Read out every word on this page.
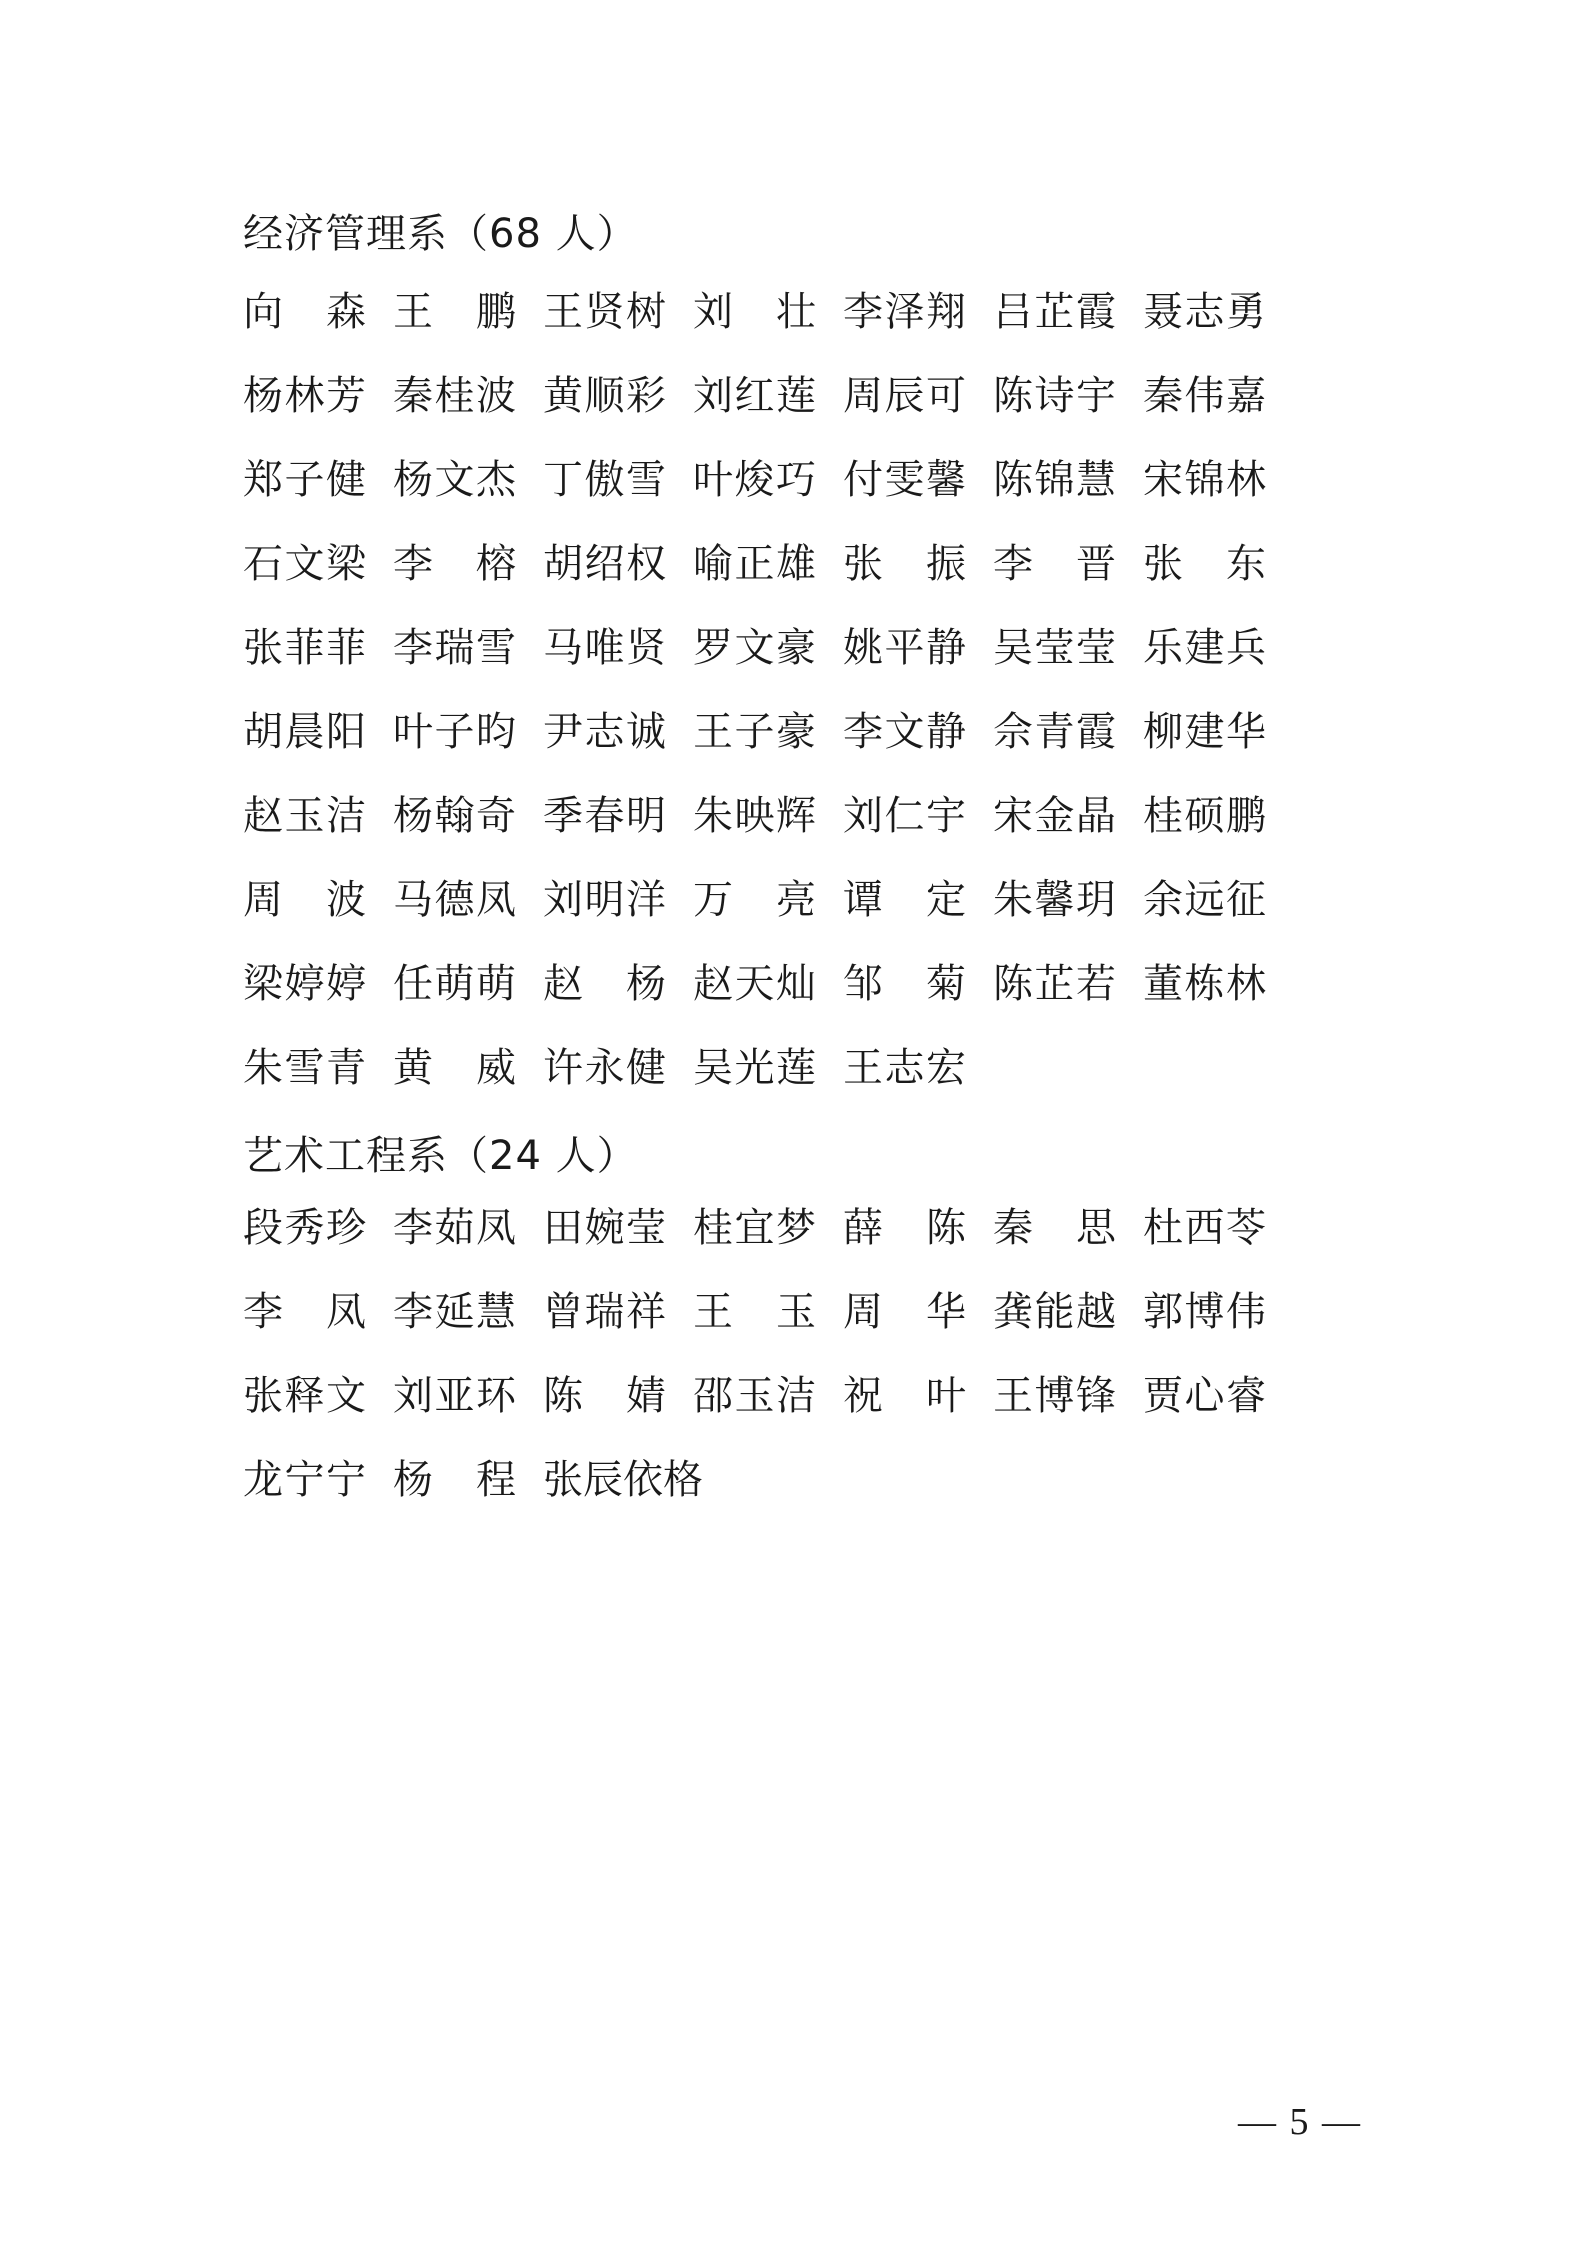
经济管理系（68 人）
向 森 王 鹏 王 贤 树 刘 壮 李 泽 翔 吕 芷 霞 聂 志 勇
杨 林 芳 秦 桂 波 黄 顺 彩 刘 红 莲 周 辰 可 陈 诗 宇 秦 伟 嘉
郑 子 健 杨 文 杰 丁 傲 雪 叶 焌 巧 付 雯 馨 陈 锦 慧 宋 锦 林
石 文 梁 李 榕 胡 绍 权 喻 正 雄 张 振 李 晋 张 东
张 菲 菲 李 瑞 雪 马 唯 贤 罗 文 豪 姚 平 静 吴 莹 莹 乐 建 兵
胡 晨 阳 叶 子 昀 尹 志 诚 王 子 豪 李 文 静 佘 青 霞 柳 建 华
赵 玉 洁 杨 翰 奇 季 春 明 朱 映 辉 刘 仁 宇 宋 金 晶 桂 硕 鹏
周 波 马 德 凤 刘 明 洋 万 亮 谭 定 朱 馨 玥 余 远 征
梁 婷 婷 任 萌 萌 赵 杨 赵 天 灿 邹 菊 陈 芷 若 董 栋 林
朱 雪 青 黄 威 许 永 健 吴 光 莲 王 志 宏
艺术工程系（24 人）
段 秀 珍 李 茹 凤 田 婉 莹 桂 宜 梦 薛 陈 秦 思 杜 西 苓
李 凤 李 延 慧 曾 瑞 祥 王 玉 周 华 龚 能 越 郭 博 伟
张 释 文 刘 亚 环 陈 婧 邵 玉 洁 祝 叶 王 博 锋 贾 心 睿
龙 宁 宁 杨 程 张 辰 依 格
— 5 —
